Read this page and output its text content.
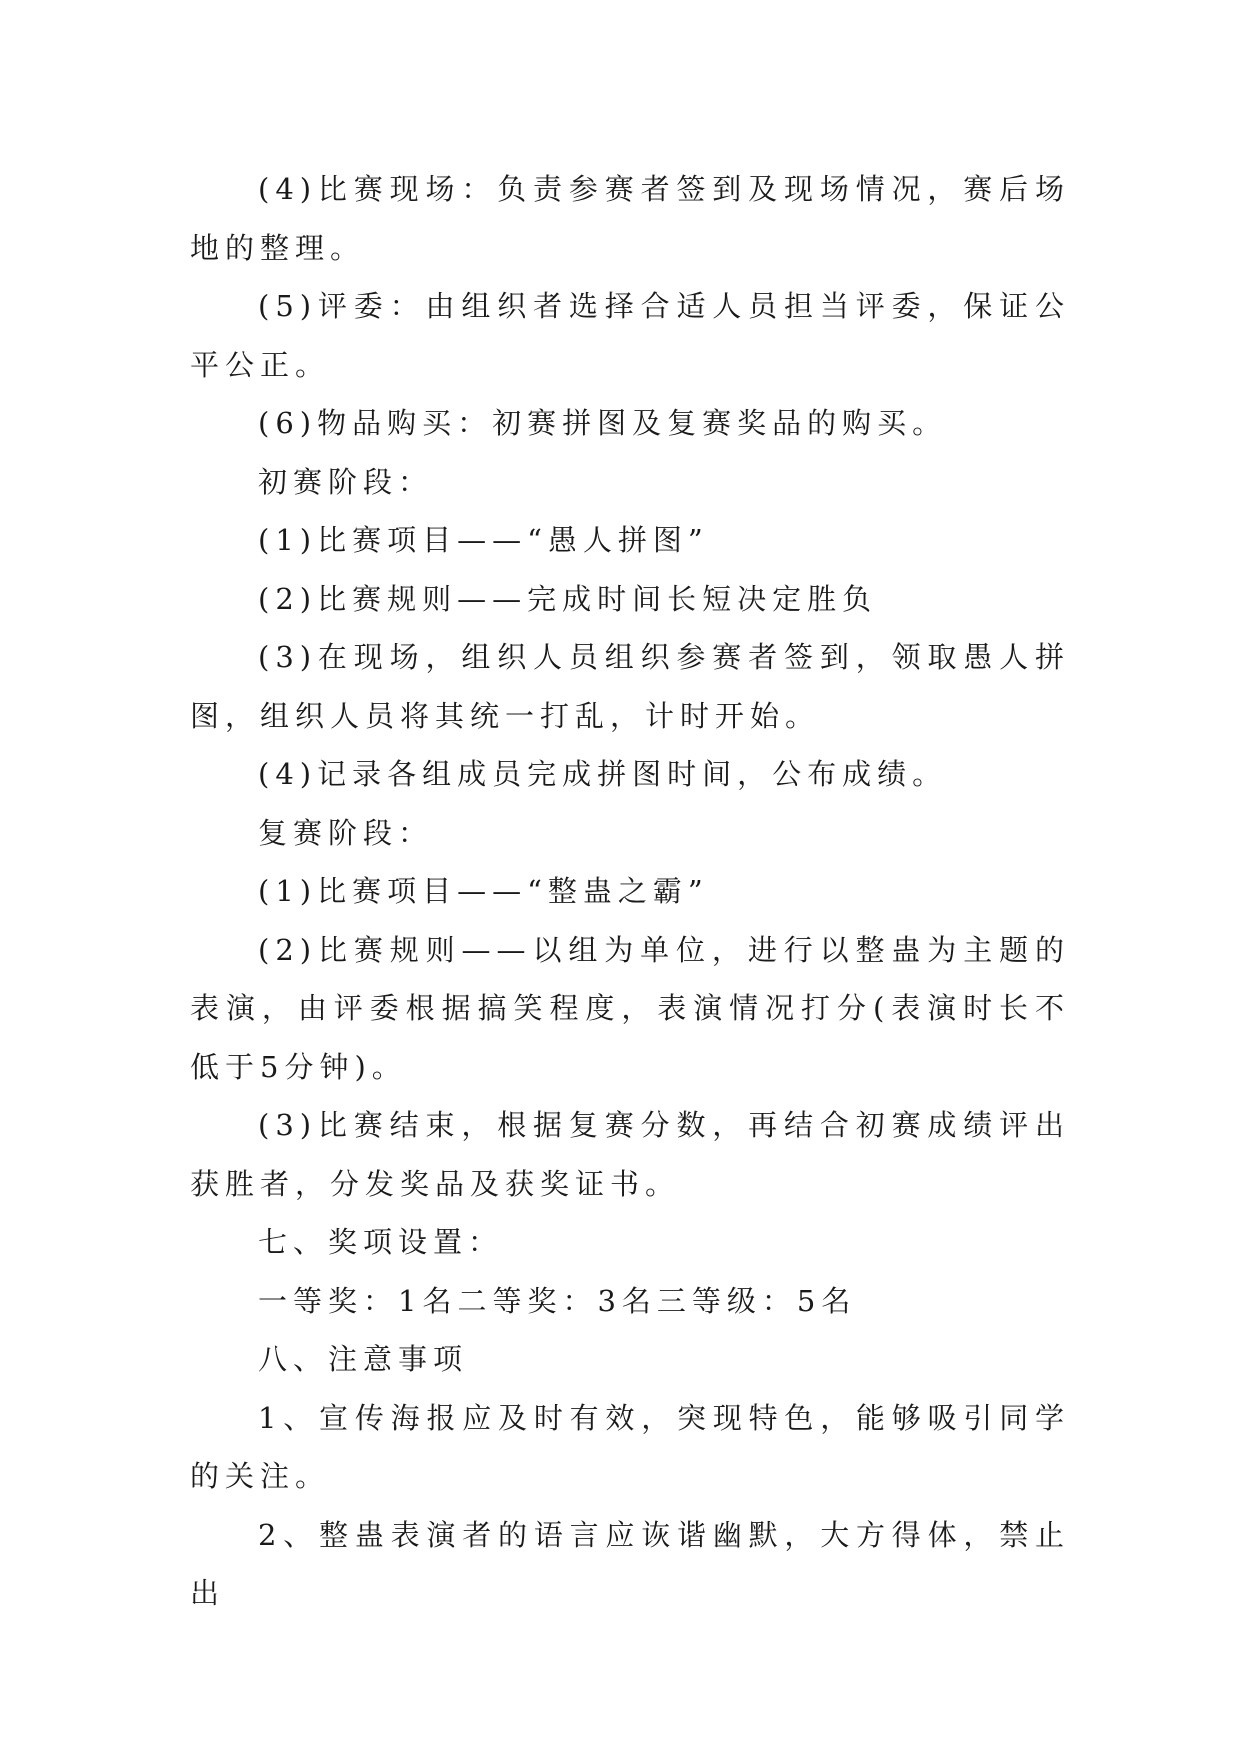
(4)比赛现场：负责参赛者签到及现场情况，赛后场地的整理。

(5)评委：由组织者选择合适人员担当评委，保证公平公正。

(6)物品购买：初赛拼图及复赛奖品的购买。

初赛阶段：

(1)比赛项目——“愚人拼图”

(2)比赛规则——完成时间长短决定胜负

(3)在现场，组织人员组织参赛者签到，领取愚人拼图，组织人员将其统一打乱，计时开始。

(4)记录各组成员完成拼图时间，公布成绩。

复赛阶段：

(1)比赛项目——“整蛊之霸”

(2)比赛规则——以组为单位，进行以整蛊为主题的表演，由评委根据搞笑程度，表演情况打分(表演时长不低于5分钟)。

(3)比赛结束，根据复赛分数，再结合初赛成绩评出获胜者，分发奖品及获奖证书。

七、奖项设置：

一等奖：1名二等奖：3名三等级：5名

八、注意事项

1、宣传海报应及时有效，突现特色，能够吸引同学的关注。

2、整蛊表演者的语言应诙谐幽默，大方得体，禁止出
